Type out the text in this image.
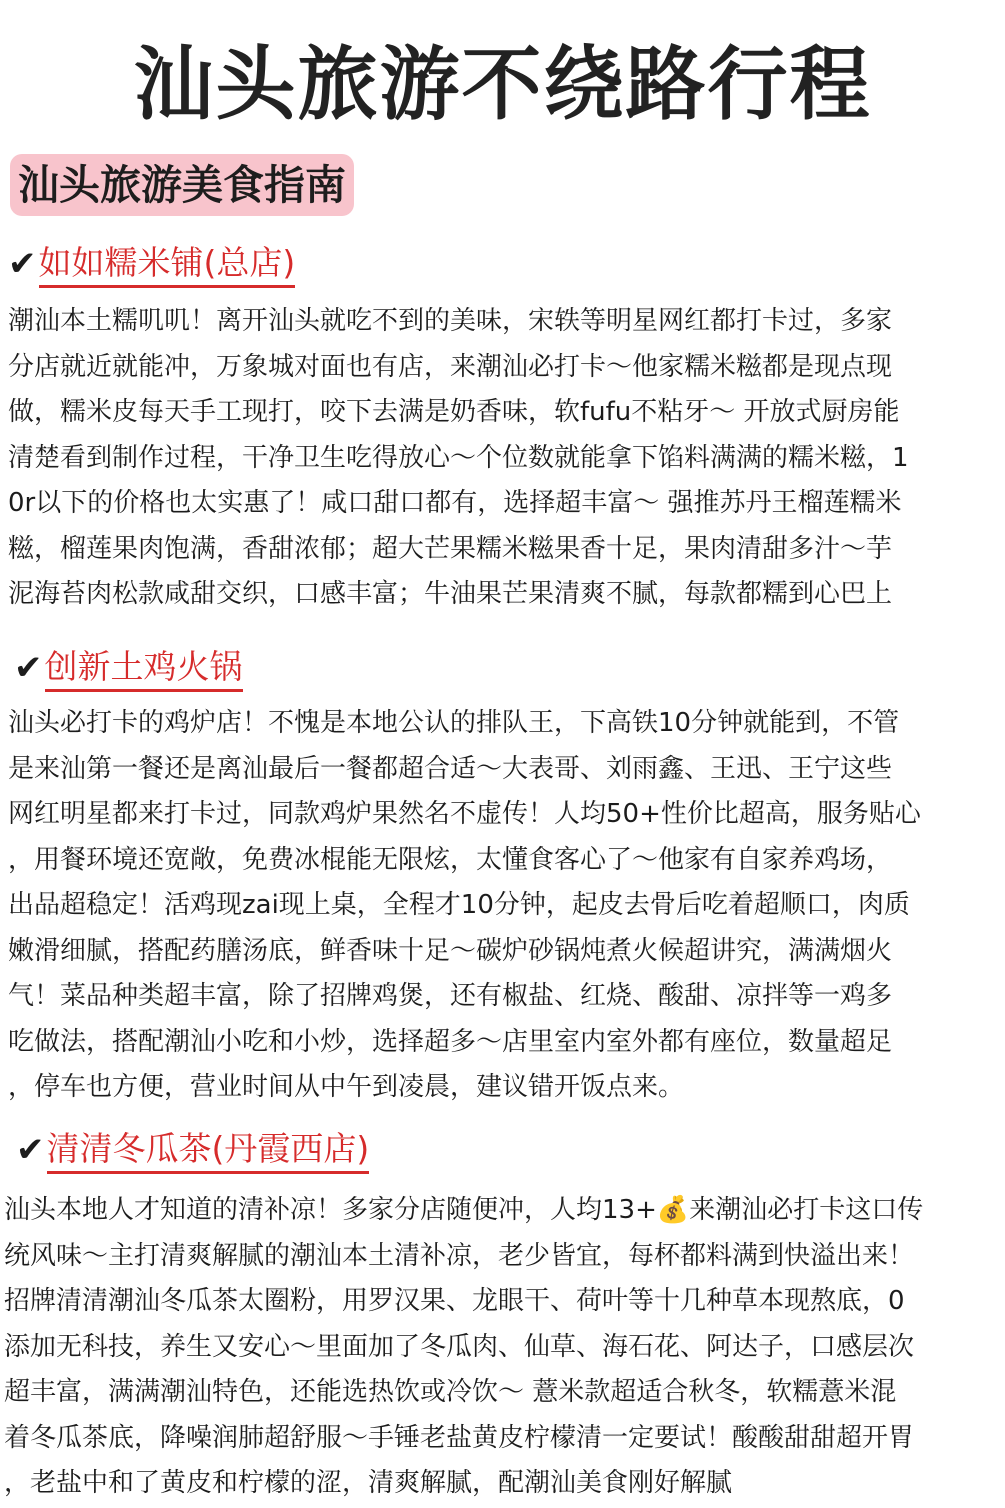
汕头旅游不绕路行程
汕头旅游美食指南
✔ 如如糯米铺(总店)
潮汕本土糯叽叽！离开汕头就吃不到的美味，宋轶等明星网红都打卡过，多家
分店就近就能冲，万象城对面也有店，来潮汕必打卡～他家糯米糍都是现点现
做，糯米皮每天手工现打，咬下去满是奶香味，软fufu不粘牙～ 开放式厨房能
清楚看到制作过程，干净卫生吃得放心～个位数就能拿下馅料满满的糯米糍，1
0r以下的价格也太实惠了！咸口甜口都有，选择超丰富～ 强推苏丹王榴莲糯米
糍，榴莲果肉饱满，香甜浓郁；超大芒果糯米糍果香十足，果肉清甜多汁～芋
泥海苔肉松款咸甜交织，口感丰富；牛油果芒果清爽不腻，每款都糯到心巴上
✔ 创新土鸡火锅
汕头必打卡的鸡炉店！不愧是本地公认的排队王，下高铁10分钟就能到，不管
是来汕第一餐还是离汕最后一餐都超合适～大表哥、刘雨鑫、王迅、王宁这些
网红明星都来打卡过，同款鸡炉果然名不虚传！人均50+性价比超高，服务贴心
，用餐环境还宽敞，免费冰棍能无限炫，太懂食客心了～他家有自家养鸡场，
出品超稳定！活鸡现zai现上桌，全程才10分钟，起皮去骨后吃着超顺口，肉质
嫩滑细腻，搭配药膳汤底，鲜香味十足～碳炉砂锅炖煮火候超讲究，满满烟火
气！菜品种类超丰富，除了招牌鸡煲，还有椒盐、红烧、酸甜、凉拌等一鸡多
吃做法，搭配潮汕小吃和小炒，选择超多～店里室内室外都有座位，数量超足
，停车也方便，营业时间从中午到凌晨，建议错开饭点来。
✔ 清清冬瓜茶(丹霞西店)
汕头本地人才知道的清补凉！多家分店随便冲，人均13+💰来潮汕必打卡这口传
统风味～主打清爽解腻的潮汕本土清补凉，老少皆宜，每杯都料满到快溢出来！
招牌清清潮汕冬瓜茶太圈粉，用罗汉果、龙眼干、荷叶等十几种草本现熬底，0
添加无科技，养生又安心～里面加了冬瓜肉、仙草、海石花、阿达子，口感层次
超丰富，满满潮汕特色，还能选热饮或冷饮～ 薏米款超适合秋冬，软糯薏米混
着冬瓜茶底，降噪润肺超舒服～手锤老盐黄皮柠檬清一定要试！酸酸甜甜超开胃
，老盐中和了黄皮和柠檬的涩，清爽解腻，配潮汕美食刚好解腻
